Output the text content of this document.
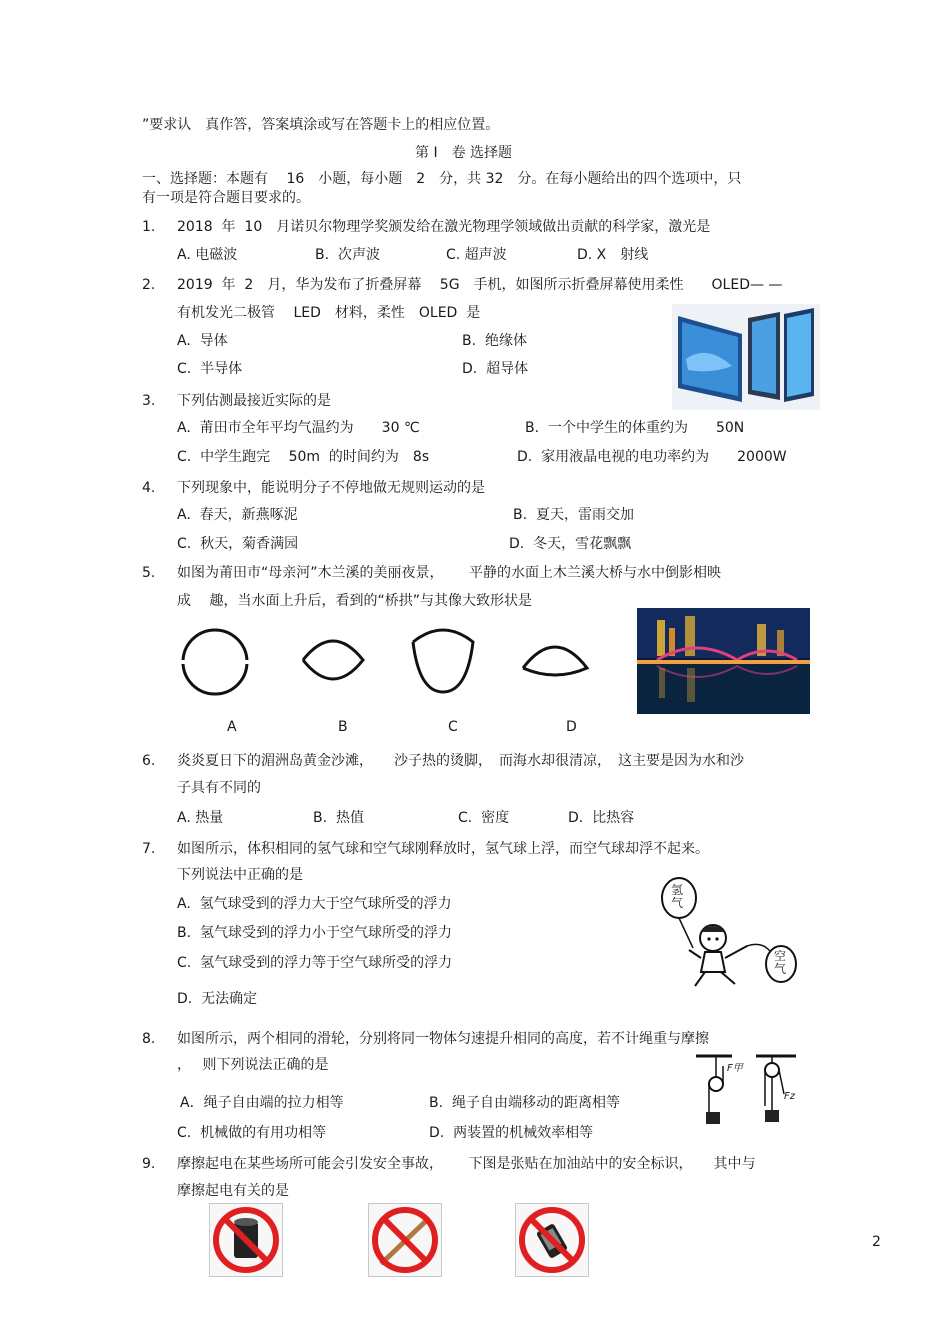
”要求认　真作答，答案填涂或写在答题卡上的相应位置。
第 I　卷 选择题
一、选择题：本题有　 16　小题，每小题　2　分，共 32　分。在每小题给出的四个选项中，只
有一项是符合题目要求的。
1. 2018  年  10　月诺贝尔物理学奖颁发给在激光物理学领域做出贡献的科学家，激光是
A. 电磁波	B.  次声波	C. 超声波	D. X　射线
2. 2019  年  2　月，华为发布了折叠屏幕　 5G　手机，如图所示折叠屏幕使用柔性　　OLED— —
有机发光二极管　 LED　材料，柔性　OLED  是
A.  导体	B.  绝缘体
C.  半导体	D.  超导体
3. 下列估测最接近实际的是
A.  莆田市全年平均气温约为　　30 ℃	B.  一个中学生的体重约为　　50N
C.  中学生跑完　 50m  的时间约为　8s	D.  家用液晶电视的电功率约为　　2000W
4. 下列现象中，能说明分子不停地做无规则运动的是
A.  春天，新燕啄泥	B.  夏天，雷雨交加
C.  秋天，菊香满园	D.  冬天，雪花飘飘
5. 如图为莆田市“母亲河”木兰溪的美丽夜景，　　 平静的水面上木兰溪大桥与水中倒影相映
成　 趣，当水面上升后，看到的“桥拱”与其像大致形状是
A	B	C	D
6. 炎炎夏日下的湄洲岛黄金沙滩，　　沙子热的烫脚，　而海水却很清凉，　这主要是因为水和沙
子具有不同的
A. 热量	B.  热值	C.  密度	D.  比热容
7. 如图所示，体积相同的氢气球和空气球刚释放时，氢气球上浮，而空气球却浮不起来。
下列说法中正确的是
A.  氢气球受到的浮力大于空气球所受的浮力
B.  氢气球受到的浮力小于空气球所受的浮力
C.  氢气球受到的浮力等于空气球所受的浮力
D.  无法确定
氢气
空气
8. 如图所示，两个相同的滑轮，分别将同一物体匀速提升相同的高度，若不计绳重与摩擦
，　 则下列说法正确的是
A．绳子自由端的拉力相等	B.  绳子自由端移动的距离相等
C.  机械做的有用功相等	D.  两装置的机械效率相等
F甲
Fz
9. 摩擦起电在某些场所可能会引发安全事故，　　 下图是张贴在加油站中的安全标识，　　其中与
摩擦起电有关的是
2
